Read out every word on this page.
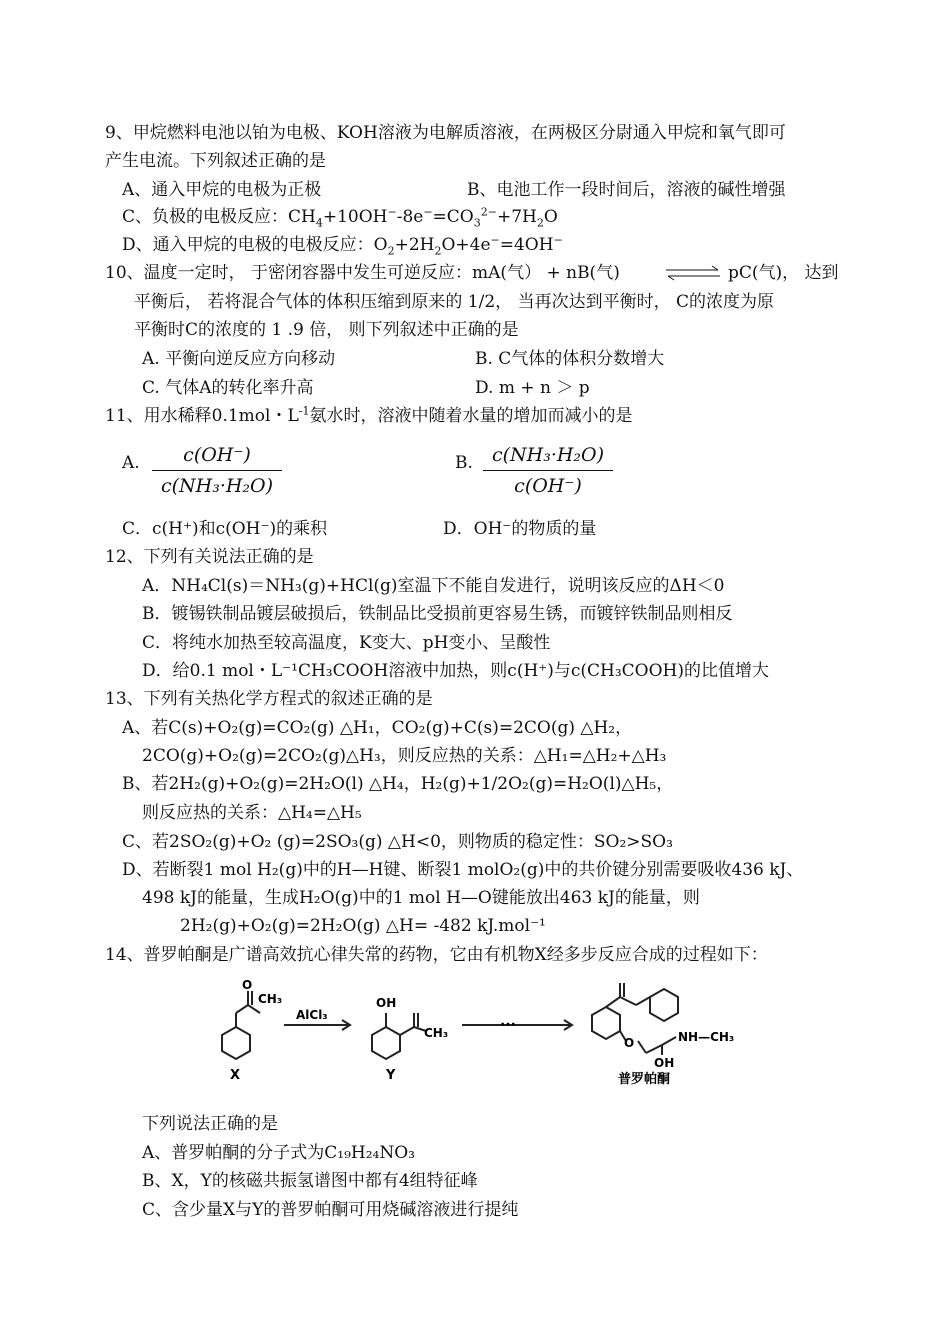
9、甲烷燃料电池以铂为电极、KOH溶液为电解质溶液，在两极区分尉通入甲烷和氧气即可
产生电流。下列叙述正确的是
A、通入甲烷的电极为正极	B、电池工作一段时间后，溶液的碱性增强
C、负极的电极反应：$CH_4+10OH^--8e^-=CO_3^{2-}+7H_2O$
D、通入甲烷的电极的电极反应：$O_2+2H_2O+4e^-=4OH^-$
10、温度一定时， 于密闭容器中发生可逆反应：mA(气） + nB(气)	⇌ pC(气)， 达到
平衡后， 若将混合气体的体积压缩到原来的 1/2， 当再次达到平衡时， C的浓度为原
平衡时C的浓度的 1 .9 倍， 则下列叙述中正确的是
A. 平衡向逆反应方向移动	B. C气体的体积分数增大
C. 气体A的转化率升高	D. m + n ＞ p
11、用水稀释0.1mol・$L^{-1}$氨水时，溶液中随着水量的增加而减小的是
A.	c(OH⁻)
c(NH₃·H₂O)
B.	c(NH₃·H₂O)
c(OH⁻)
C．c(H⁺)和c(OH⁻)的乘积	D．OH⁻的物质的量
12、下列有关说法正确的是
A．NH₄Cl(s)＝NH₃(g)+HCl(g)室温下不能自发进行，说明该反应的ΔH＜0
B．镀锡铁制品镀层破损后，铁制品比受损前更容易生锈，而镀锌铁制品则相反
C．将纯水加热至较高温度，K变大、pH变小、呈酸性
D．给0.1 mol・L⁻¹CH₃COOH溶液中加热，则c(H⁺)与c(CH₃COOH)的比值增大
13、下列有关热化学方程式的叙述正确的是
A、若C(s)+O₂(g)=CO₂(g) △H₁，CO₂(g)+C(s)=2CO(g) △H₂，
2CO(g)+O₂(g)=2CO₂(g)△H₃，则反应热的关系：△H₁=△H₂+△H₃
B、若2H₂(g)+O₂(g)=2H₂O(l) △H₄，H₂(g)+1/2O₂(g)=H₂O(l)△H₅，
则反应热的关系：△H₄=△H₅
C、若2SO₂(g)+O₂ (g)=2SO₃(g) △H<0，则物质的稳定性：SO₂>SO₃
D、若断裂1 mol H₂(g)中的H—H键、断裂1 molO₂(g)中的共价键分别需要吸收436 kJ、
498 kJ的能量，生成H₂O(g)中的1 mol H—O键能放出463 kJ的能量，则
2H₂(g)+O₂(g)=2H₂O(g) △H= -482 kJ.mol⁻¹
14、普罗帕酮是广谱高效抗心律失常的药物，它由有机物X经多步反应合成的过程如下：
CH₃
O
X
AlCl₃
OH
CH₃
Y
···
O
OH
NH—CH₃
普罗帕酮
下列说法正确的是
A、普罗帕酮的分子式为C₁₉H₂₄NO₃
B、X，Y的核磁共振氢谱图中都有4组特征峰
C、含少量X与Y的普罗帕酮可用烧碱溶液进行提纯
